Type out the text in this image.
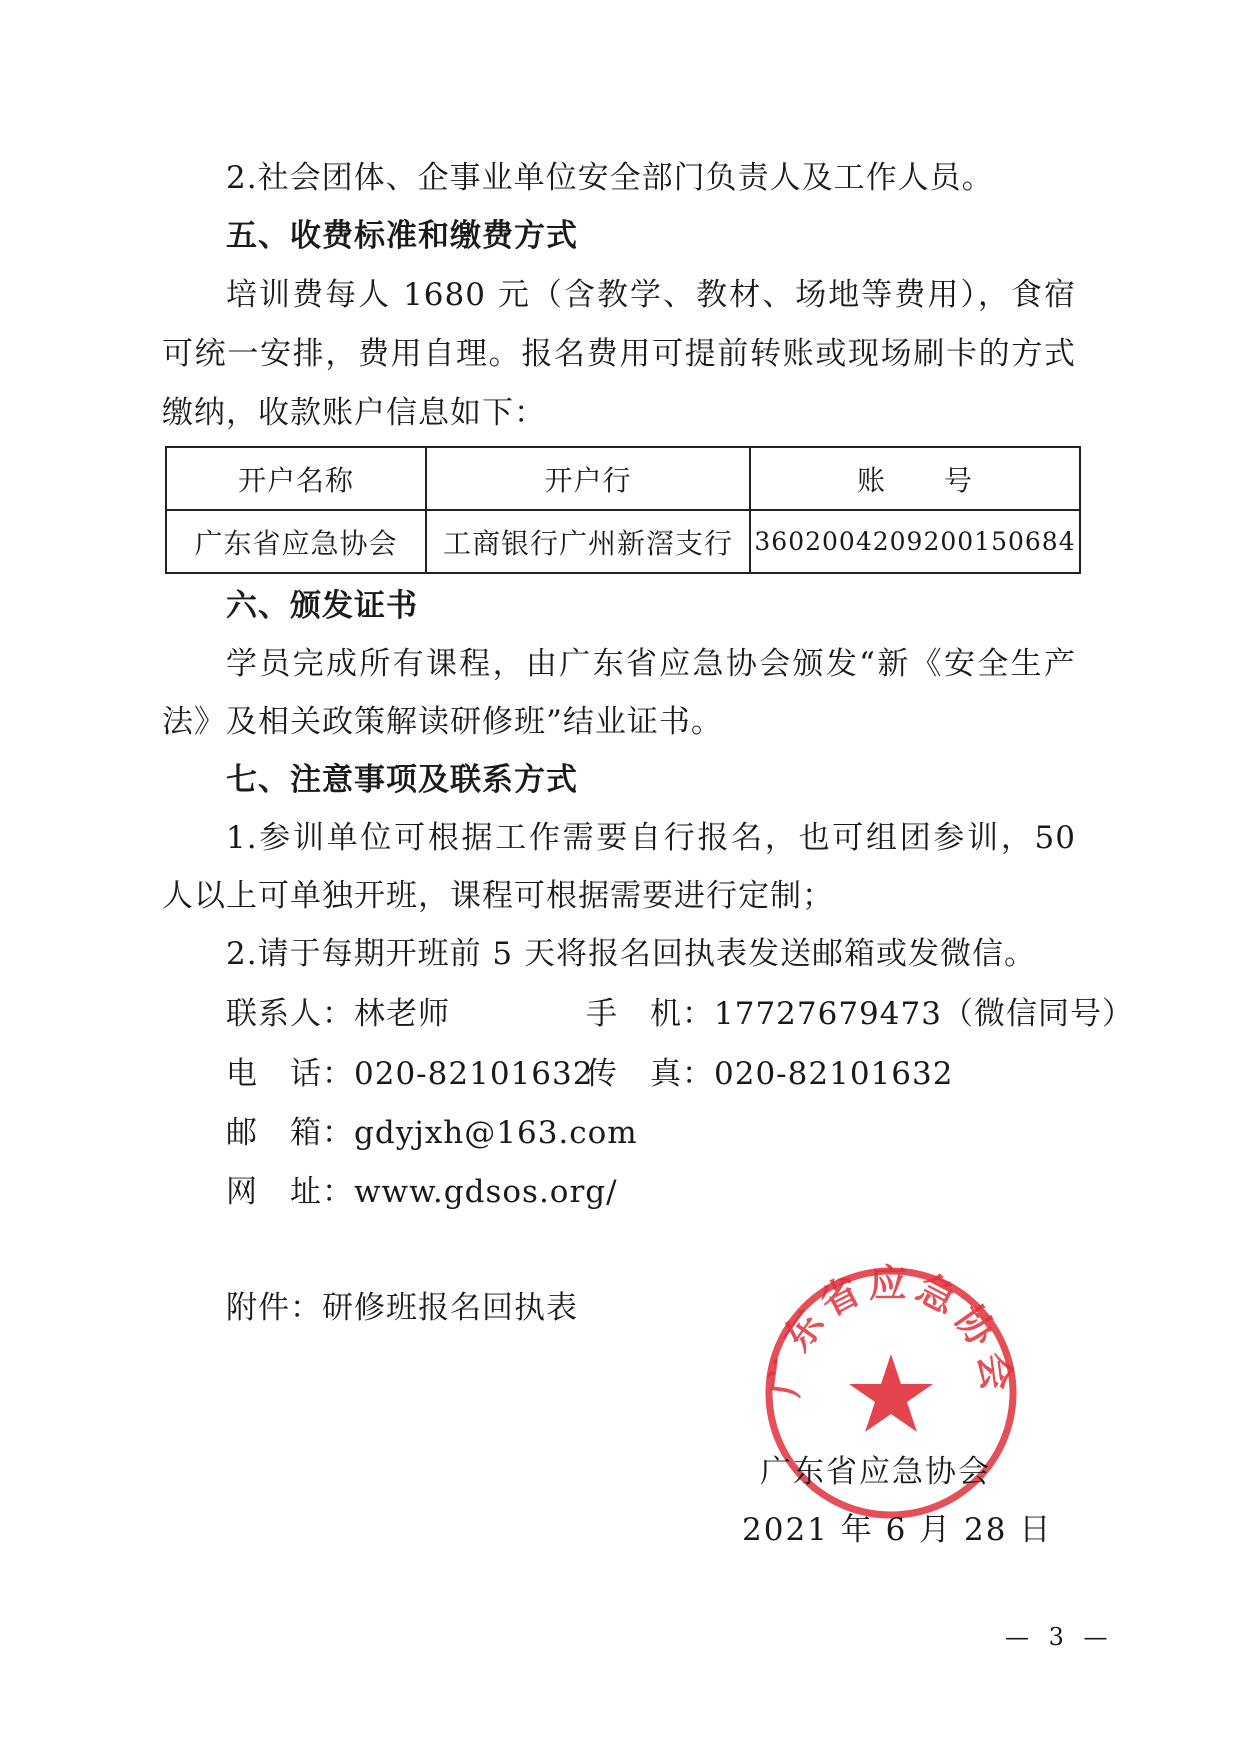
2.社会团体、企事业单位安全部门负责人及工作人员。
五、收费标准和缴费方式
培训费每人 1680 元（含教学、教材、场地等费用），食宿
可统一安排，费用自理。报名费用可提前转账或现场刷卡的方式
缴纳，收款账户信息如下：
开户名称	开户行	账　　号
广东省应急协会	工商银行广州新滘支行	3602004209200150684
六、颁发证书
学员完成所有课程，由广东省应急协会颁发“新《安全生产
法》及相关政策解读研修班”结业证书。
七、注意事项及联系方式
1.参训单位可根据工作需要自行报名，也可组团参训，50
人以上可单独开班，课程可根据需要进行定制；
2.请于每期开班前 5 天将报名回执表发送邮箱或发微信。
联系人：林老师	手　机：17727679473（微信同号）
电　话：020-82101632
传　真：020-82101632
邮　箱：gdyjxh@163.com
网　址：www.gdsos.org/
附件：研修班报名回执表
广东省应急协会
广东省应急协会
2021 年 6 月 28 日
— 3 —
